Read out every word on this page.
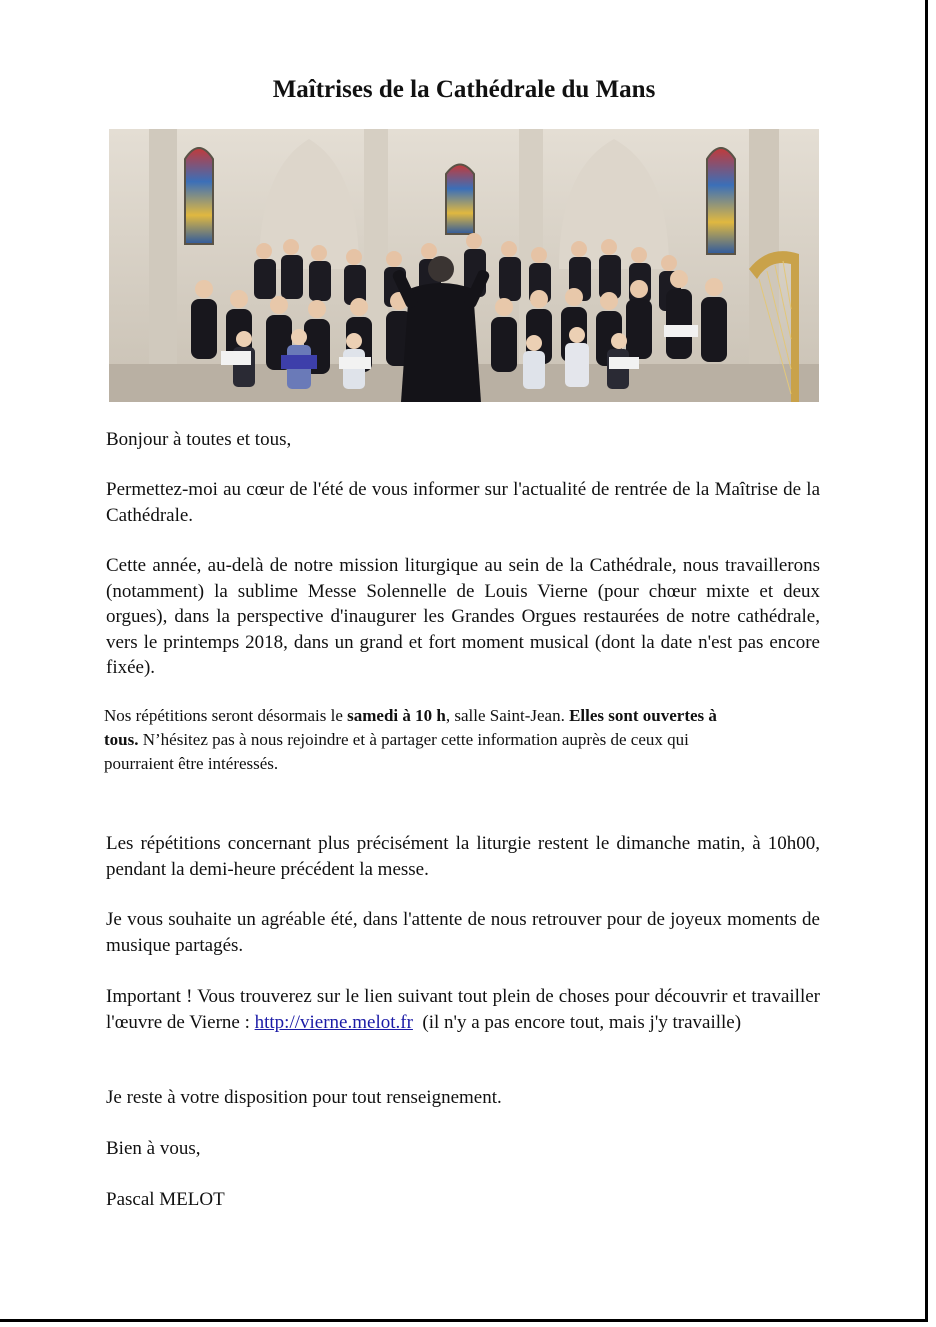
Maîtrises de la Cathédrale du Mans

Bonjour à toutes et tous,

Permettez-moi au cœur de l'été de vous informer sur l'actualité de rentrée de la Maîtrise de la Cathédrale.

Cette année, au-delà de notre mission liturgique au sein de la Cathédrale, nous travaillerons (notamment) la sublime Messe Solennelle de Louis Vierne (pour chœur mixte et deux orgues), dans la perspective d'inaugurer les Grandes Orgues restaurées de notre cathédrale, vers le printemps 2018, dans un grand et fort moment musical (dont la date n'est pas encore fixée).

Nos répétitions seront désormais le samedi à 10 h, salle Saint-Jean. Elles sont ouvertes à tous. N’hésitez pas à nous rejoindre et à partager cette information auprès de ceux qui pourraient être intéressés.

Les répétitions concernant plus précisément la liturgie restent le dimanche matin, à 10h00, pendant la demi-heure précédent la messe.

Je vous souhaite un agréable été, dans l'attente de nous retrouver pour de joyeux moments de musique partagés.

Important ! Vous trouverez sur le lien suivant tout plein de choses pour découvrir et travailler l'œuvre de Vierne : http://vierne.melot.fr  (il n'y a pas encore tout, mais j'y travaille)

Je reste à votre disposition pour tout renseignement.

Bien à vous,

Pascal MELOT
